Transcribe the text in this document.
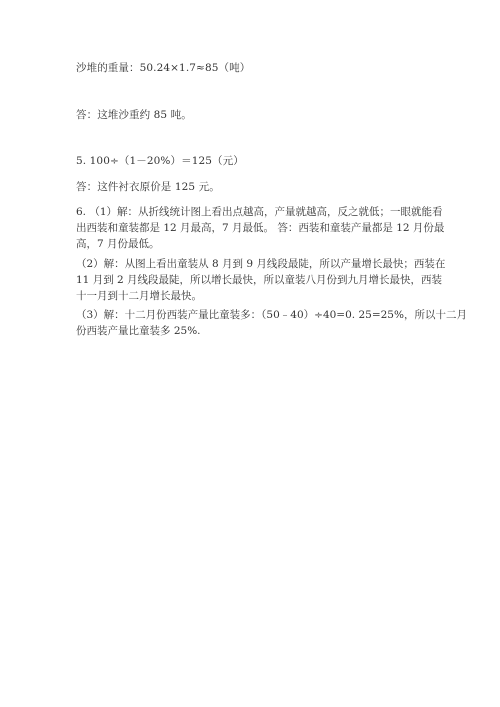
沙堆的重量：50.24×1.7≈85（吨）
答：这堆沙重约 85 吨。
5. 100÷（1－20%）＝125（元）
答：这件衬衣原价是 125 元。
6. （1）解：从折线统计图上看出点越高，产量就越高，反之就低；一眼就能看
出西装和童装都是 12 月最高，7 月最低。 答：西装和童装产量都是 12 月份最
高，7 月份最低。
（2）解：从图上看出童装从 8 月到 9 月线段最陡，所以产量增长最快；西装在
11 月到 2 月线段最陡，所以增长最快，所以童装八月份到九月增长最快，西装
十一月到十二月增长最快。
（3）解：十二月份西装产量比童装多：（50﹣40）÷40=0. 25=25%，所以十二月
份西装产量比童装多 25%.
